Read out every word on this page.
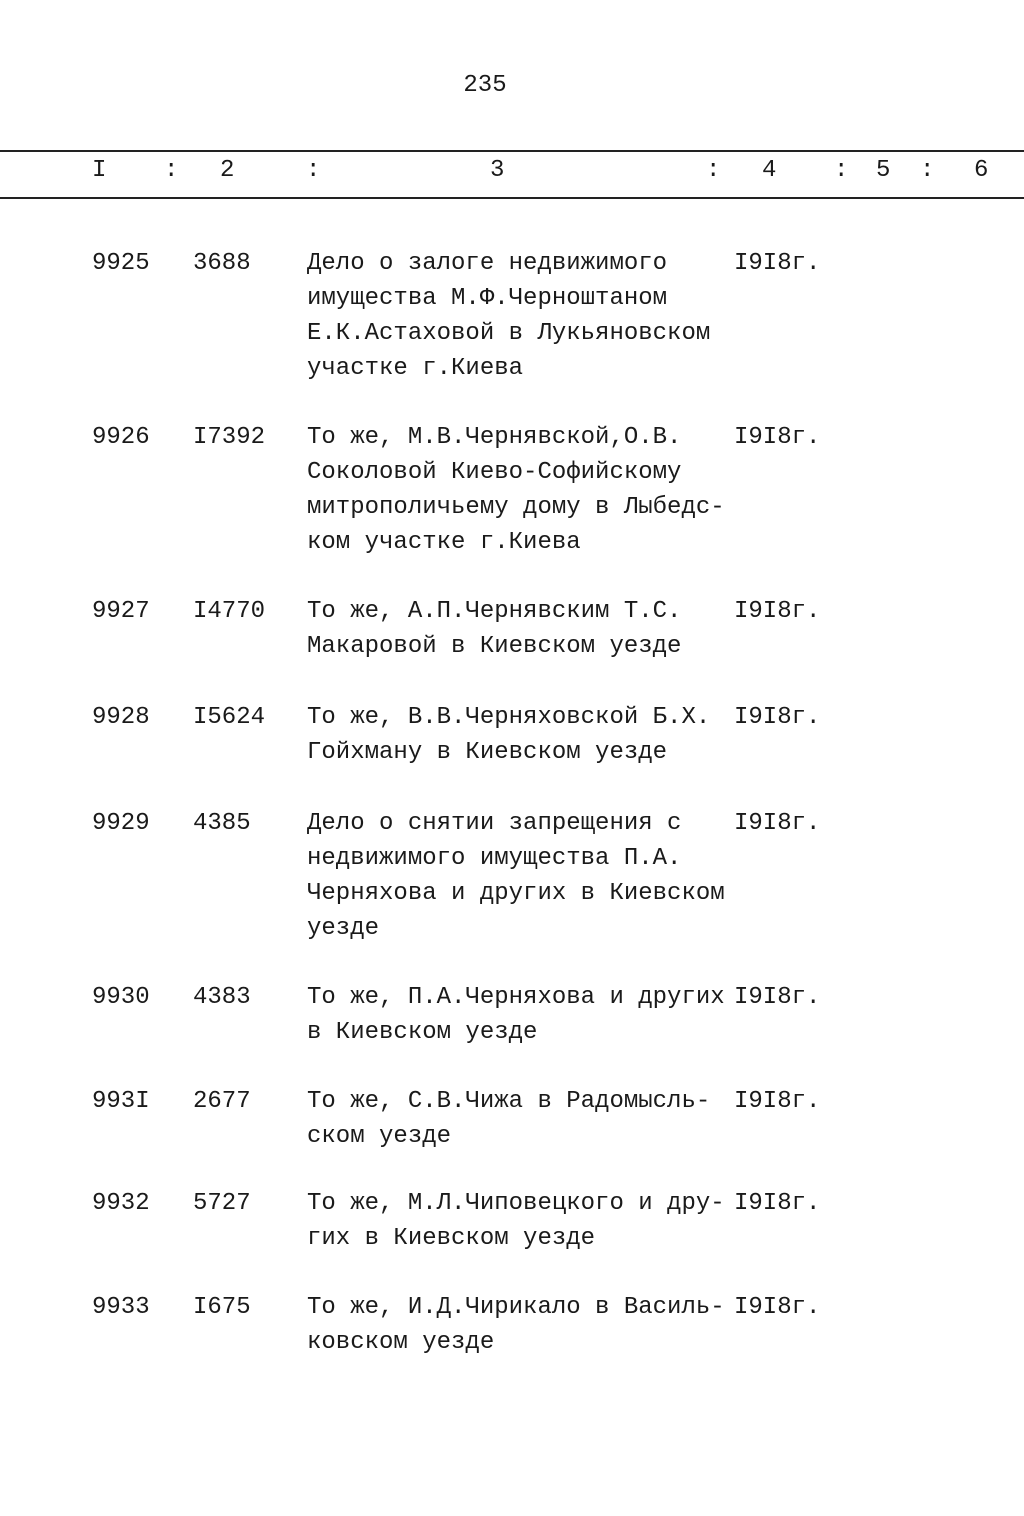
235
I : 2	:	3	: 4 : 5 : 6
9925 3688 Дело о залоге недвижимого
имущества М.Ф.Черноштаном
Е.К.Астаховой в Лукьяновском
участке г.Киева
I9I8г.
9926 I7392 То же, М.В.Чернявской,О.В.
Соколовой Киево-Софийскому
митрополичьему дому в Лыбедс-
ком участке г.Киева
I9I8г.
9927 I4770 То же, А.П.Чернявским Т.С.
Макаровой в Киевском уезде
I9I8г.
9928 I5624 То же, В.В.Черняховской Б.Х.
Гойхману в Киевском уезде
I9I8г.
9929 4385 Дело о снятии запрещения с
недвижимого имущества П.А.
Черняхова и других в Киевском
уезде
I9I8г.
9930 4383 То же, П.А.Черняхова и других
в Киевском уезде
I9I8г.
993I 2677 То же, С.В.Чижа в Радомысль-
ском уезде
I9I8г.
9932 5727 То же, М.Л.Чиповецкого и дру-
гих в Киевском уезде
I9I8г.
9933 I675 То же, И.Д.Чирикало в Василь-
ковском уезде
I9I8г.
